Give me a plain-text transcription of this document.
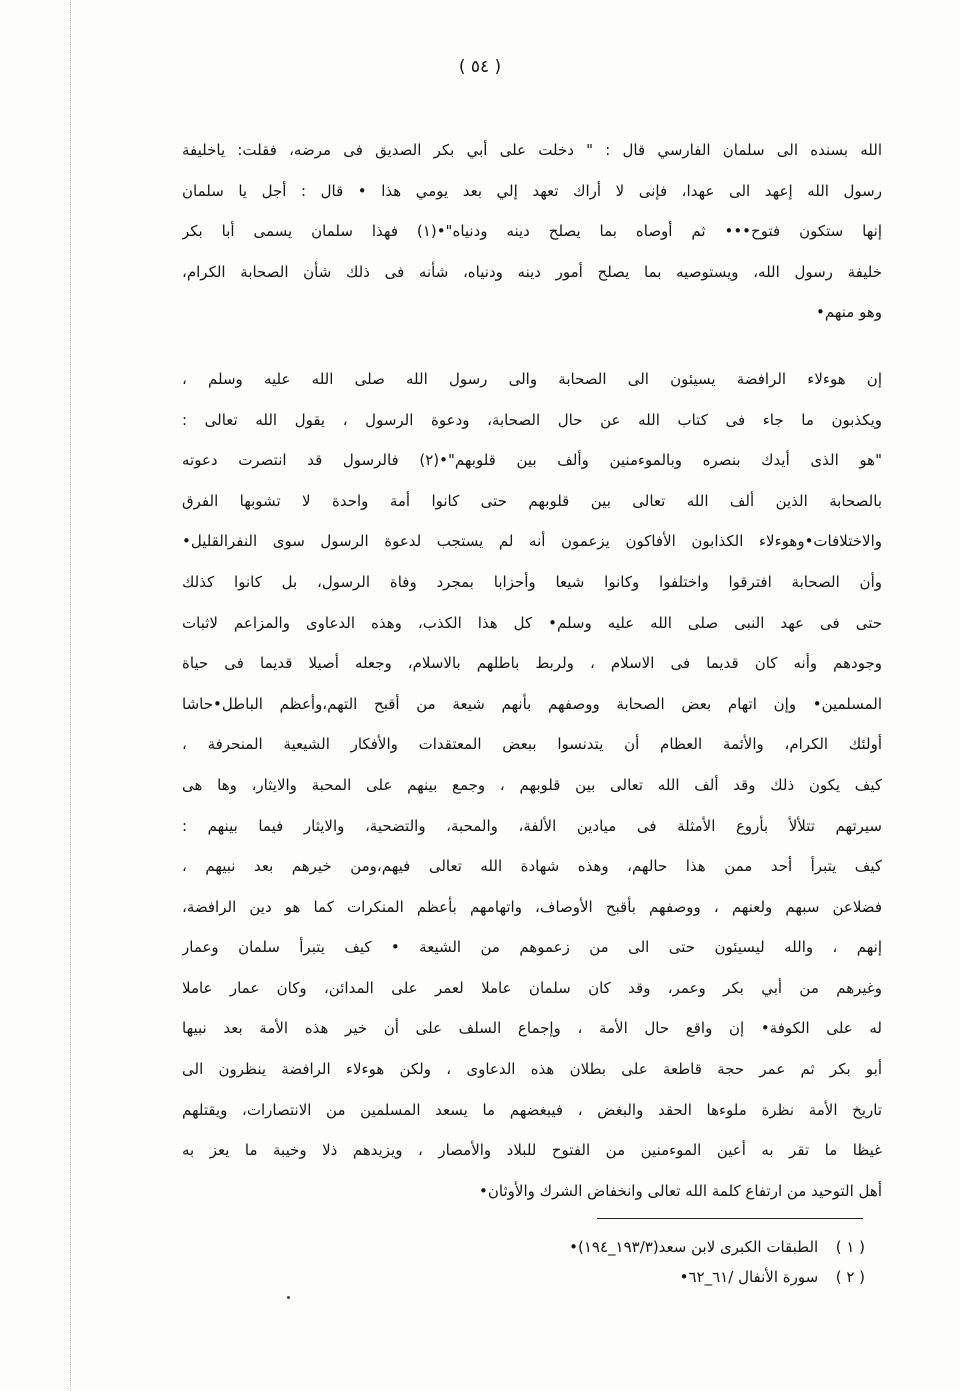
( ٥٤ )
الله بسنده الى سلمان الفارسي قال : " دخلت على أبي بكر الصديق فى مرضه، فقلت: ياخليفة
رسول الله إعهد الى عهدا، فإنى لا أراك تعهد إلي بعد يومي هذا • قال : أجل يا سلمان
إنها ستكون فتوح••• ثم أوصاه بما يصلح دينه ودنياه"•(١) فهذا سلمان يسمى أبا بكر
خليفة رسول الله، ويستوصيه بما يصلح أمور دينه ودنياه، شأنه فى ذلك شأن الصحابة الكرام،
وهو منهم•
إن هوءلاء الرافضة يسيئون الى الصحابة والى رسول الله صلى الله عليه وسلم ،
ويكذبون ما جاء فى كتاب الله عن حال الصحابة، ودعوة الرسول ، يقول الله تعالى :
"هو الذى أيدك بنصره وبالموءمنين وألف بين قلوبهم"•(٢) فالرسول قد انتصرت دعوته
بالصحابة الذين ألف الله تعالى بين قلوبهم حتى كانوا أمة واحدة لا تشوبها الفرق
والاختلافات•وهوءلاء الكذابون الأفاكون يزعمون أنه لم يستجب لدعوة الرسول سوى النفرالقليل•
وأن الصحابة افترقوا واختلفوا وكانوا شيعا وأحزابا بمجرد وفاة الرسول، بل كانوا كذلك
حتى فى عهد النبى صلى الله عليه وسلم• كل هذا الكذب، وهذه الدعاوى والمزاعم لاثبات
وجودهم وأنه كان قديما فى الاسلام ، ولربط باطلهم بالاسلام، وجعله أصيلا قديما فى حياة
المسلمين• وإن اتهام بعض الصحابة ووصفهم بأنهم شيعة من أقبح التهم،وأعظم الباطل•حاشا
أولئك الكرام، والأئمة العظام أن يتدنسوا ببعض المعتقدات والأفكار الشيعية المنحرفة ،
كيف يكون ذلك وقد ألف الله تعالى بين قلوبهم ، وجمع بينهم على المحبة والايثار، وها هى
سيرتهم تتلألأ بأروع الأمثلة فى ميادين الألفة، والمحبة، والتضحية، والايثار فيما بينهم :
كيف يتبرأ أحد ممن هذا حالهم، وهذه شهادة الله تعالى فيهم،ومن خيرهم بعد نبيهم ،
فضلاعن سبهم ولعنهم ، ووصفهم بأقبح الأوصاف، واتهامهم بأعظم المنكرات كما هو دين الرافضة،
إنهم ، والله ليسيئون حتى الى من زعموهم من الشيعة • كيف يتبرأ سلمان وعمار
وغيرهم من أبي بكر وعمر، وقد كان سلمان عاملا لعمر على المدائن، وكان عمار عاملا
له على الكوفة• إن واقع حال الأمة ، وإجماع السلف على أن خير هذه الأمة بعد نبيها
أبو بكر ثم عمر حجة قاطعة على بطلان هذه الدعاوى ، ولكن هوءلاء الرافضة ينظرون الى
تاريخ الأمة نظرة ملوءها الحقد والبغض ، فيبغضهم ما يسعد المسلمين من الانتصارات، ويقتلهم
غيظا ما تقر به أعين الموءمنين من الفتوح للبلاد والأمصار ، ويزيدهم ذلا وخيبة ما يعز به
أهل التوحيد من ارتفاع كلمة الله تعالى وانخفاض الشرك والأوثان•
( ١ ) الطبقات الكبرى لابن سعد(١٩٣/٣_١٩٤)•
( ٢ ) سورة الأنفال /٦١_٦٢•
